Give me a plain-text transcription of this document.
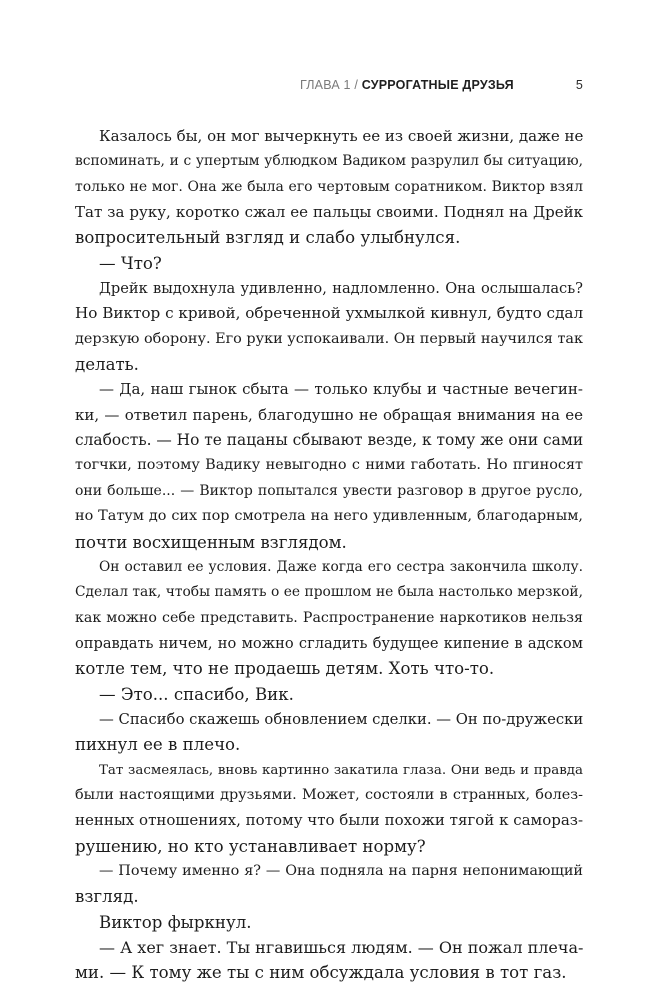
ГЛАВА 1 / СУРРОГАТНЫЕ ДРУЗЬЯ	5
Казалось бы, он мог вычеркнуть ее из своей жизни, даже не
вспоминать, и с упертым ублюдком Вадиком разрулил бы ситуацию,
только не мог. Она же была его чертовым соратником. Виктор взял
Тат за руку, коротко сжал ее пальцы своими. Поднял на Дрейк
вопросительный взгляд и слабо улыбнулся.
— Что?
Дрейк выдохнула удивленно, надломленно. Она ослышалась?
Но Виктор с кривой, обреченной ухмылкой кивнул, будто сдал
дерзкую оборону. Его руки успокаивали. Он первый научился так
делать.
— Да, наш гынок сбыта — только клубы и частные вечегин-
ки, — ответил парень, благодушно не обращая внимания на ее
слабость. — Но те пацаны сбывают везде, к тому же они сами
тогчки, поэтому Вадику невыгодно с ними габотать. Но пгиносят
они больше... — Виктор попытался увести разговор в другое русло,
но Татум до сих пор смотрела на него удивленным, благодарным,
почти восхищенным взглядом.
Он оставил ее условия. Даже когда его сестра закончила школу.
Сделал так, чтобы память о ее прошлом не была настолько мерзкой,
как можно себе представить. Распространение наркотиков нельзя
оправдать ничем, но можно сгладить будущее кипение в адском
котле тем, что не продаешь детям. Хоть что-то.
— Это... спасибо, Вик.
— Спасибо скажешь обновлением сделки. — Он по-дружески
пихнул ее в плечо.
Тат засмеялась, вновь картинно закатила глаза. Они ведь и правда
были настоящими друзьями. Может, состояли в странных, болез-
ненных отношениях, потому что были похожи тягой к самораз-
рушению, но кто устанавливает норму?
— Почему именно я? — Она подняла на парня непонимающий
взгляд.
Виктор фыркнул.
— А хег знает. Ты нгавишься людям. — Он пожал плеча-
ми. — К тому же ты с ним обсуждала условия в тот газ.
